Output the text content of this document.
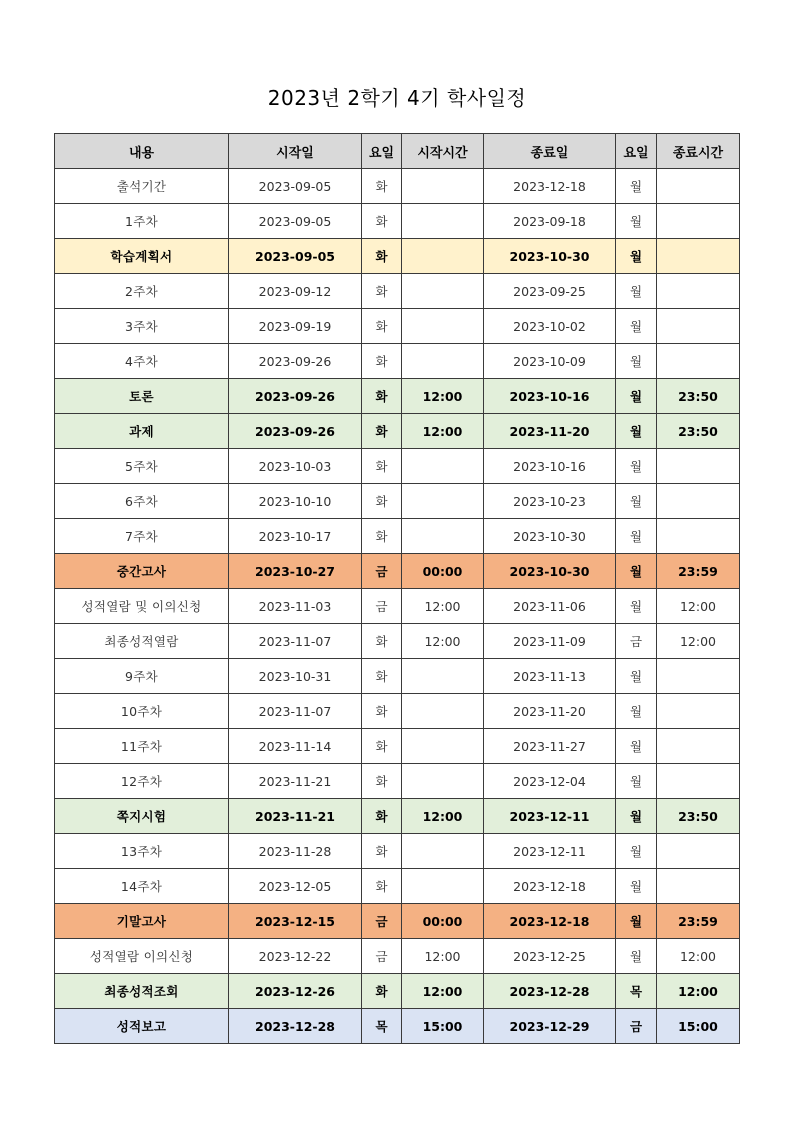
2023년 2학기 4기 학사일정
내용	시작일	요일	시작시간	종료일	요일	종료시간
출석기간	2023-09-05	화		2023-12-18	월	
1주차	2023-09-05	화		2023-09-18	월	
학습계획서	2023-09-05	화		2023-10-30	월	
2주차	2023-09-12	화		2023-09-25	월	
3주차	2023-09-19	화		2023-10-02	월	
4주차	2023-09-26	화		2023-10-09	월	
토론	2023-09-26	화	12:00	2023-10-16	월	23:50
과제	2023-09-26	화	12:00	2023-11-20	월	23:50
5주차	2023-10-03	화		2023-10-16	월	
6주차	2023-10-10	화		2023-10-23	월	
7주차	2023-10-17	화		2023-10-30	월	
중간고사	2023-10-27	금	00:00	2023-10-30	월	23:59
성적열람 및 이의신청	2023-11-03	금	12:00	2023-11-06	월	12:00
최종성적열람	2023-11-07	화	12:00	2023-11-09	금	12:00
9주차	2023-10-31	화		2023-11-13	월	
10주차	2023-11-07	화		2023-11-20	월	
11주차	2023-11-14	화		2023-11-27	월	
12주차	2023-11-21	화		2023-12-04	월	
쪽지시험	2023-11-21	화	12:00	2023-12-11	월	23:50
13주차	2023-11-28	화		2023-12-11	월	
14주차	2023-12-05	화		2023-12-18	월	
기말고사	2023-12-15	금	00:00	2023-12-18	월	23:59
성적열람 이의신청	2023-12-22	금	12:00	2023-12-25	월	12:00
최종성적조회	2023-12-26	화	12:00	2023-12-28	목	12:00
성적보고	2023-12-28	목	15:00	2023-12-29	금	15:00
